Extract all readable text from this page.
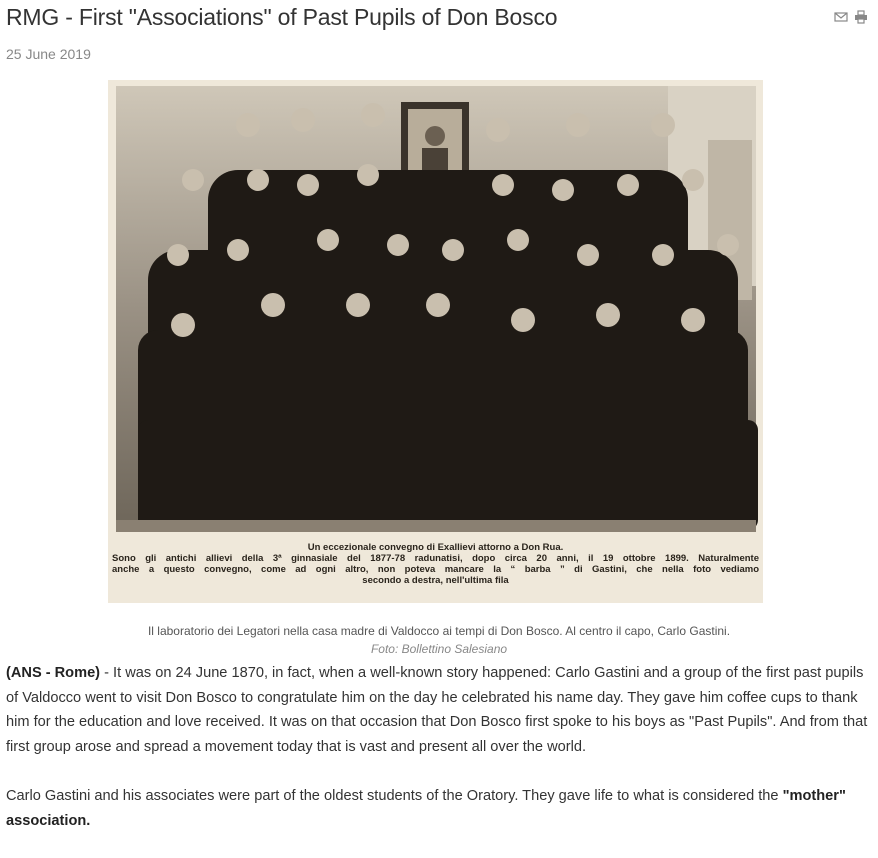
RMG - First "Associations" of Past Pupils of Don Bosco
25 June 2019
Un eccezionale convegno di Exallievi attorno a Don Rua.
Sono gli antichi allievi della 3ª ginnasiale del 1877-78 radunatisi, dopo circa 20 anni, il 19 ottobre 1899. Naturalmente
anche a questo convegno, come ad ogni altro, non poteva mancare la “ barba ” di Gastini, che nella foto vediamo
secondo a destra, nell'ultima fila
Il laboratorio dei Legatori nella casa madre di Valdocco ai tempi di Don Bosco. Al centro il capo, Carlo Gastini.
Foto: Bollettino Salesiano

(ANS - Rome) - It was on 24 June 1870, in fact, when a well-known story happened: Carlo Gastini and a group of the first past pupils of Valdocco went to visit Don Bosco to congratulate him on the day he celebrated his name day. They gave him coffee cups to thank him for the education and love received. It was on that occasion that Don Bosco first spoke to his boys as "Past Pupils". And from that first group arose and spread a movement today that is vast and present all over the world.

Carlo Gastini and his associates were part of the oldest students of the Oratory. They gave life to what is considered the "mother" association.
